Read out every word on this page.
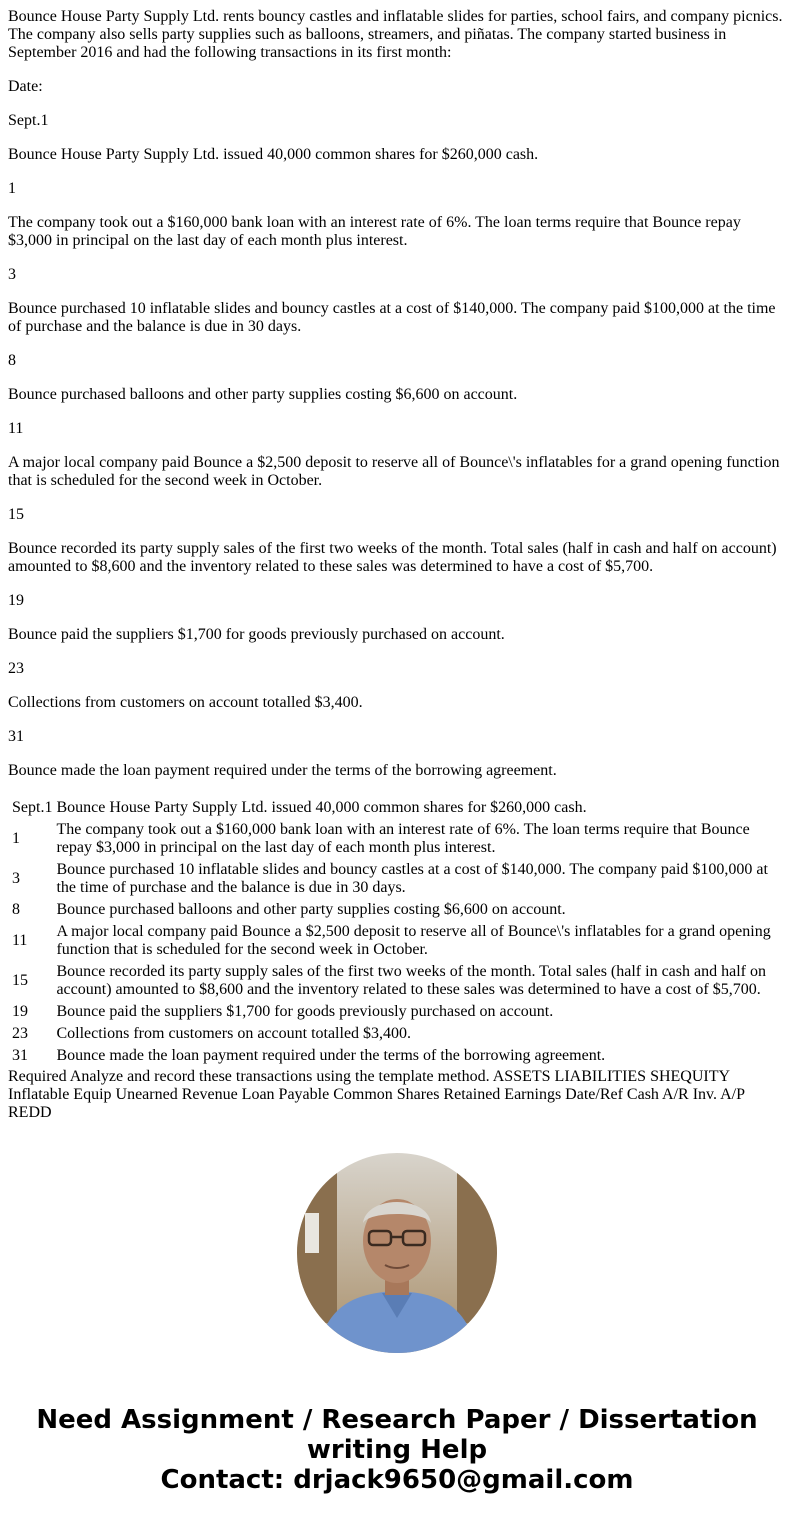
Bounce House Party Supply Ltd. rents bouncy castles and inflatable slides for parties, school fairs, and company picnics. The company also sells party supplies such as balloons, streamers, and piñatas. The company started business in September 2016 and had the following transactions in its first month:

Date:

Sept.1

Bounce House Party Supply Ltd. issued 40,000 common shares for $260,000 cash.

1

The company took out a $160,000 bank loan with an interest rate of 6%. The loan terms require that Bounce repay $3,000 in principal on the last day of each month plus interest.

3

Bounce purchased 10 inflatable slides and bouncy castles at a cost of $140,000. The company paid $100,000 at the time of purchase and the balance is due in 30 days.

8

Bounce purchased balloons and other party supplies costing $6,600 on account.

11

A major local company paid Bounce a $2,500 deposit to reserve all of Bounce\'s inflatables for a grand opening function that is scheduled for the second week in October.

15

Bounce recorded its party supply sales of the first two weeks of the month. Total sales (half in cash and half on account) amounted to $8,600 and the inventory related to these sales was determined to have a cost of $5,700.

19

Bounce paid the suppliers $1,700 for goods previously purchased on account.

23

Collections from customers on account totalled $3,400.

31

Bounce made the loan payment required under the terms of the borrowing agreement.

Sept.1	Bounce House Party Supply Ltd. issued 40,000 common shares for $260,000 cash.
1	The company took out a $160,000 bank loan with an interest rate of 6%. The loan terms require that Bounce repay $3,000 in principal on the last day of each month plus interest.
3	Bounce purchased 10 inflatable slides and bouncy castles at a cost of $140,000. The company paid $100,000 at the time of purchase and the balance is due in 30 days.
8	Bounce purchased balloons and other party supplies costing $6,600 on account.
11	A major local company paid Bounce a $2,500 deposit to reserve all of Bounce\'s inflatables for a grand opening function that is scheduled for the second week in October.
15	Bounce recorded its party supply sales of the first two weeks of the month. Total sales (half in cash and half on account) amounted to $8,600 and the inventory related to these sales was determined to have a cost of $5,700.
19	Bounce paid the suppliers $1,700 for goods previously purchased on account.
23	Collections from customers on account totalled $3,400.
31	Bounce made the loan payment required under the terms of the borrowing agreement.
Required Analyze and record these transactions using the template method. ASSETS LIABILITIES SHEQUITY Inflatable Equip Unearned Revenue Loan Payable Common Shares Retained Earnings Date/Ref Cash A/R Inv. A/P REDD
Need Assignment / Research Paper / Dissertation
writing Help
Contact: drjack9650@gmail.com
